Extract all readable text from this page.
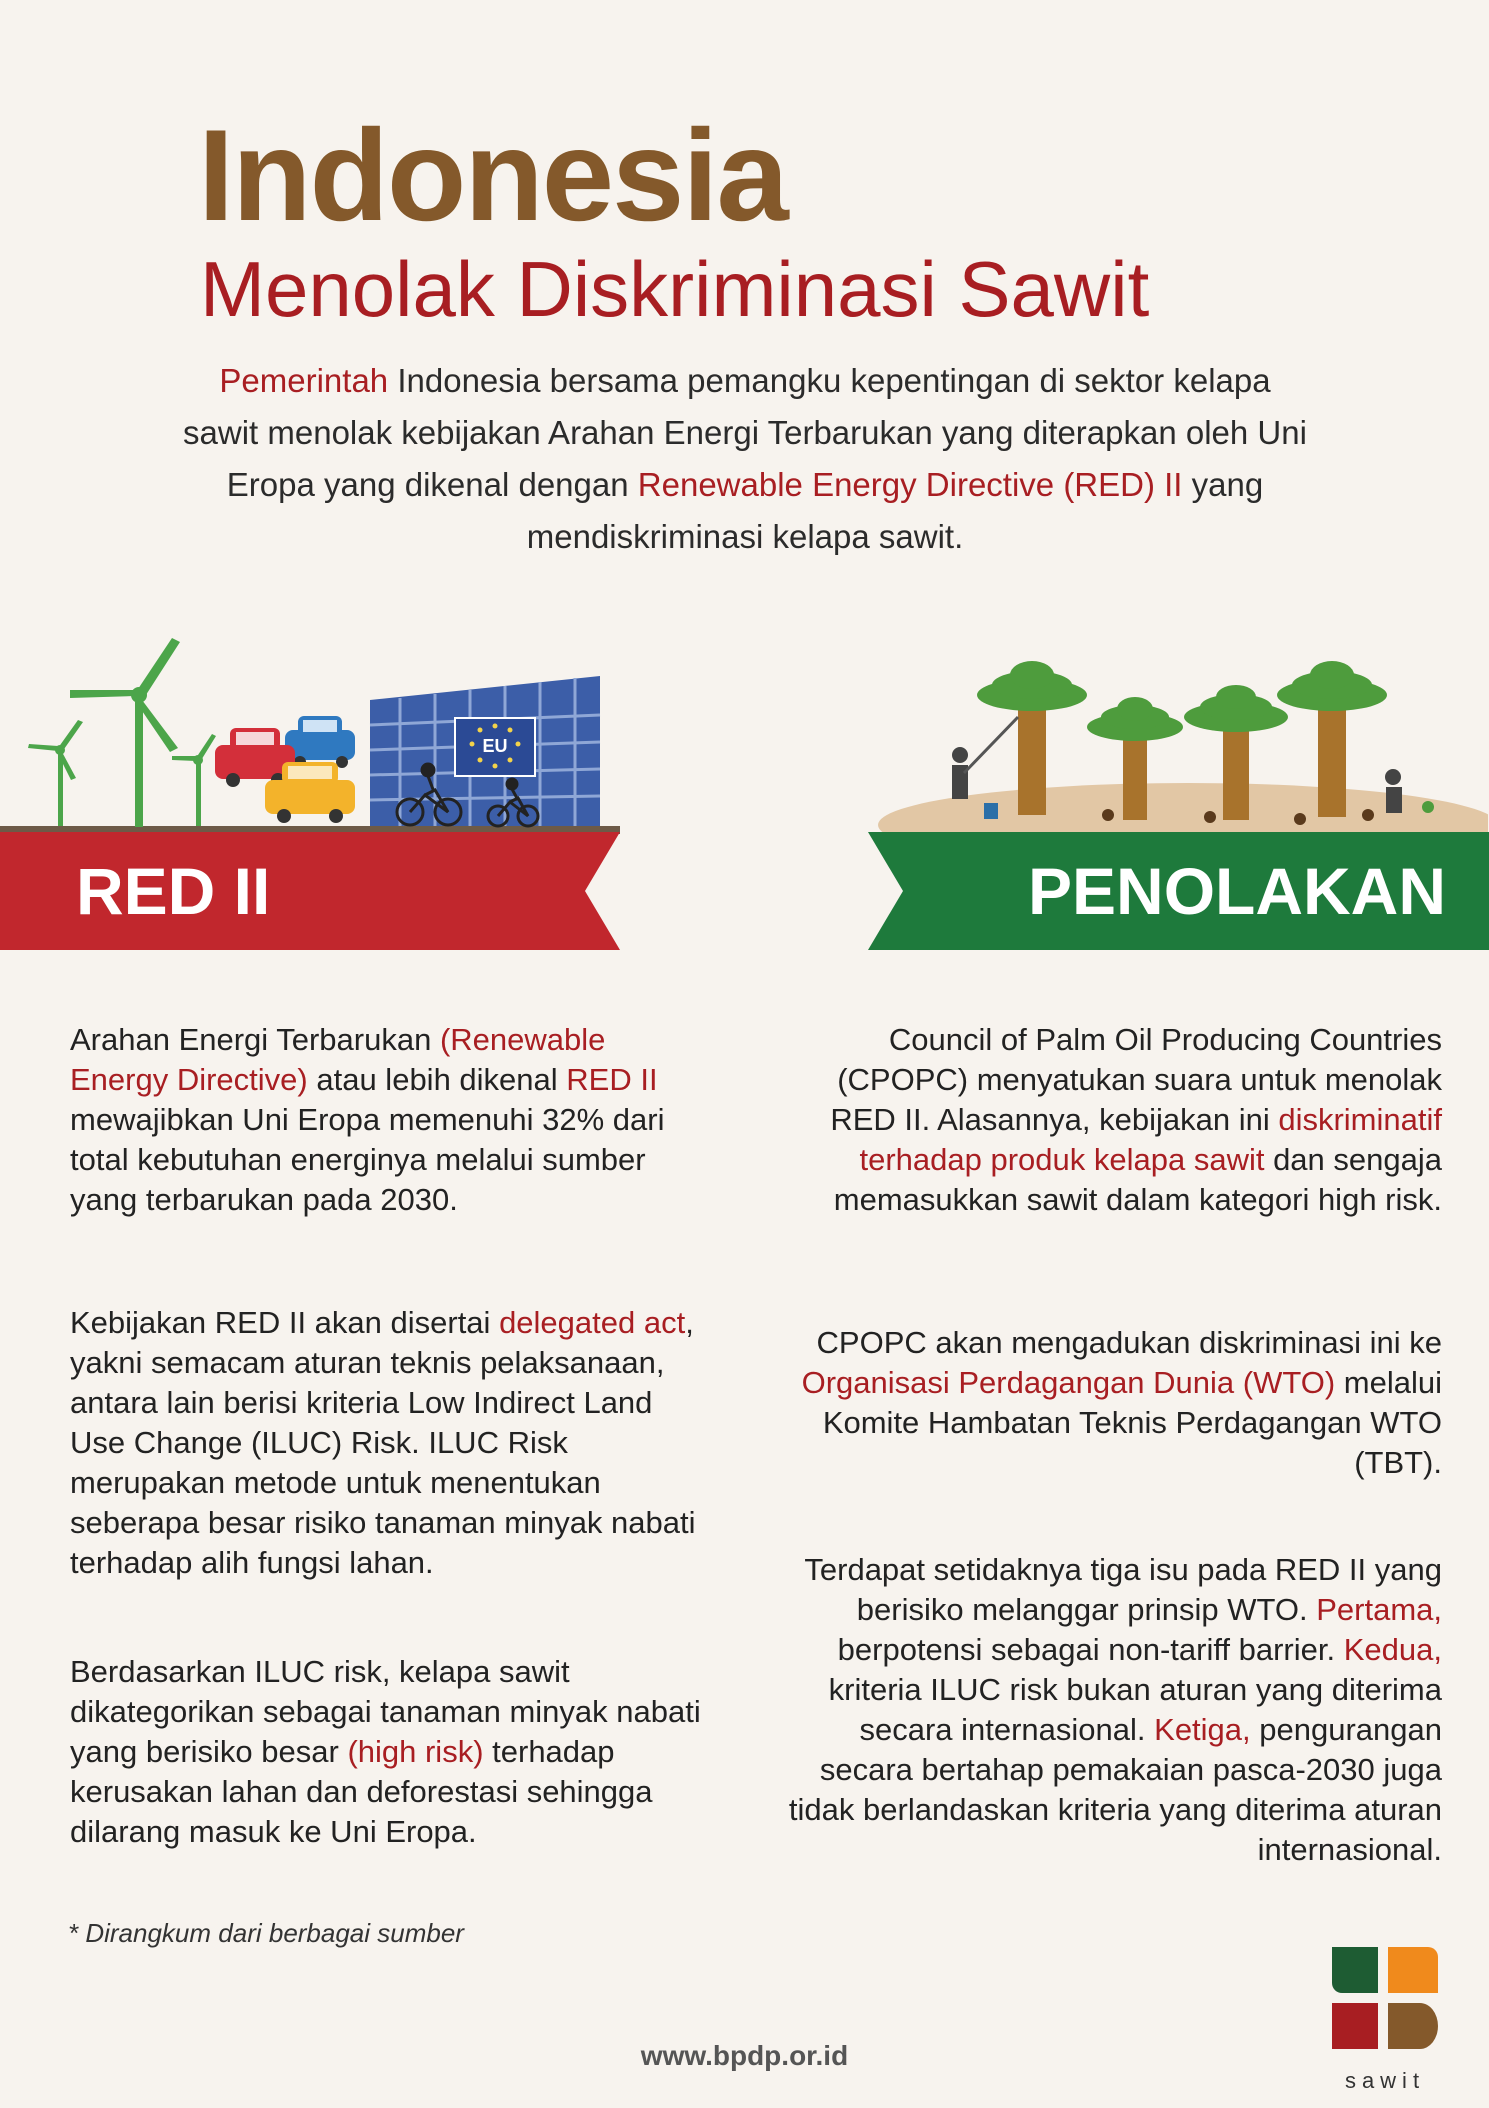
Indonesia
Menolak Diskriminasi Sawit
Pemerintah Indonesia bersama pemangku kepentingan di sektor kelapa sawit menolak kebijakan Arahan Energi Terbarukan yang diterapkan oleh Uni Eropa yang dikenal dengan Renewable Energy Directive (RED) II yang mendiskriminasi kelapa sawit.
EU
RED II	PENOLAKAN

Arahan Energi Terbarukan (Renewable Energy Directive) atau lebih dikenal RED II mewajibkan Uni Eropa memenuhi 32% dari total kebutuhan energinya melalui sumber yang terbarukan pada 2030.

Kebijakan RED II akan disertai delegated act, yakni semacam aturan teknis pelaksanaan, antara lain berisi kriteria Low Indirect Land Use Change (ILUC) Risk. ILUC Risk merupakan metode untuk menentukan seberapa besar risiko tanaman minyak nabati terhadap alih fungsi lahan.

Berdasarkan ILUC risk, kelapa sawit dikategorikan sebagai tanaman minyak nabati yang berisiko besar (high risk) terhadap kerusakan lahan dan deforestasi sehingga dilarang masuk ke Uni Eropa.

* Dirangkum dari berbagai sumber

Council of Palm Oil Producing Countries (CPOPC) menyatukan suara untuk menolak RED II. Alasannya, kebijakan ini diskriminatif terhadap produk kelapa sawit dan sengaja memasukkan sawit dalam kategori high risk.

CPOPC akan mengadukan diskriminasi ini ke Organisasi Perdagangan Dunia (WTO) melalui Komite Hambatan Teknis Perdagangan WTO (TBT).

Terdapat setidaknya tiga isu pada RED II yang berisiko melanggar prinsip WTO. Pertama, berpotensi sebagai non-tariff barrier. Kedua, kriteria ILUC risk bukan aturan yang diterima secara internasional. Ketiga, pengurangan secara bertahap pemakaian pasca-2030 juga tidak berlandaskan kriteria yang diterima aturan internasional.

www.bpdp.or.id
sawit
